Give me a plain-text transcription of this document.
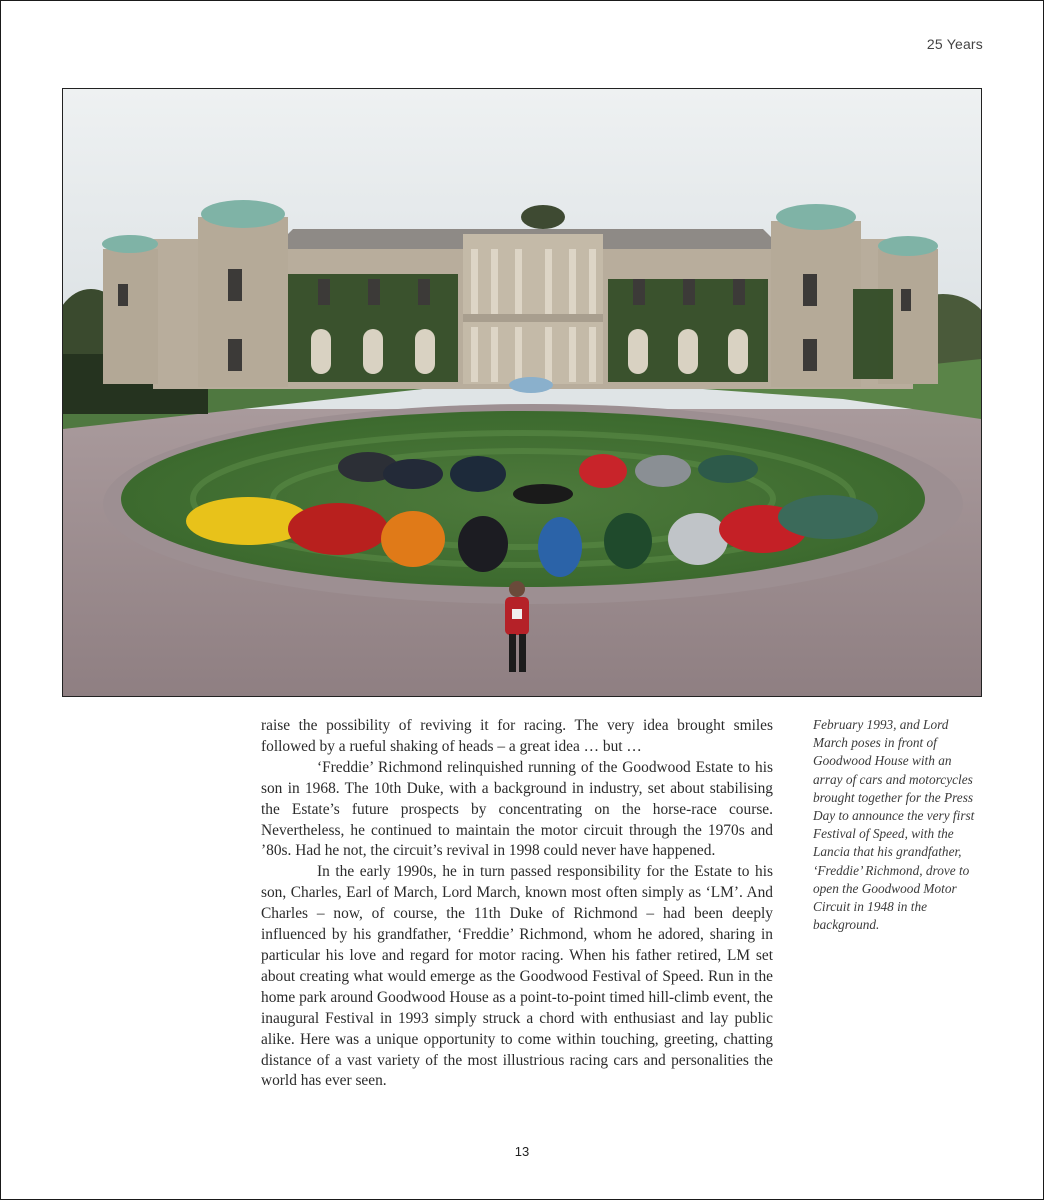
25 Years

raise the possibility of reviving it for racing. The very idea brought smiles followed by a rueful shaking of heads – a great idea … but …

‘Freddie’ Richmond relinquished running of the Goodwood Estate to his son in 1968. The 10th Duke, with a background in industry, set about stabilising the Estate’s future prospects by concentrating on the horse-race course. Nevertheless, he continued to maintain the motor circuit through the 1970s and ’80s. Had he not, the circuit’s revival in 1998 could never have happened.

In the early 1990s, he in turn passed responsibility for the Estate to his son, Charles, Earl of March, Lord March, known most often simply as ‘LM’. And Charles – now, of course, the 11th Duke of Richmond – had been deeply influenced by his grandfather, ‘Freddie’ Richmond, whom he adored, sharing in particular his love and regard for motor racing. When his father retired, LM set about creating what would emerge as the Goodwood Festival of Speed. Run in the home park around Goodwood House as a point-to-point timed hill-climb event, the inaugural Festival in 1993 simply struck a chord with enthusiast and lay public alike. Here was a unique opportunity to come within touching, greeting, chatting distance of a vast variety of the most illustrious racing cars and personalities the world has ever seen.

February 1993, and Lord March poses in front of Goodwood House with an array of cars and motorcycles brought together for the Press Day to announce the very first Festival of Speed, with the Lancia that his grandfather, ‘Freddie’ Richmond, drove to open the Goodwood Motor Circuit in 1948 in the background.
13
